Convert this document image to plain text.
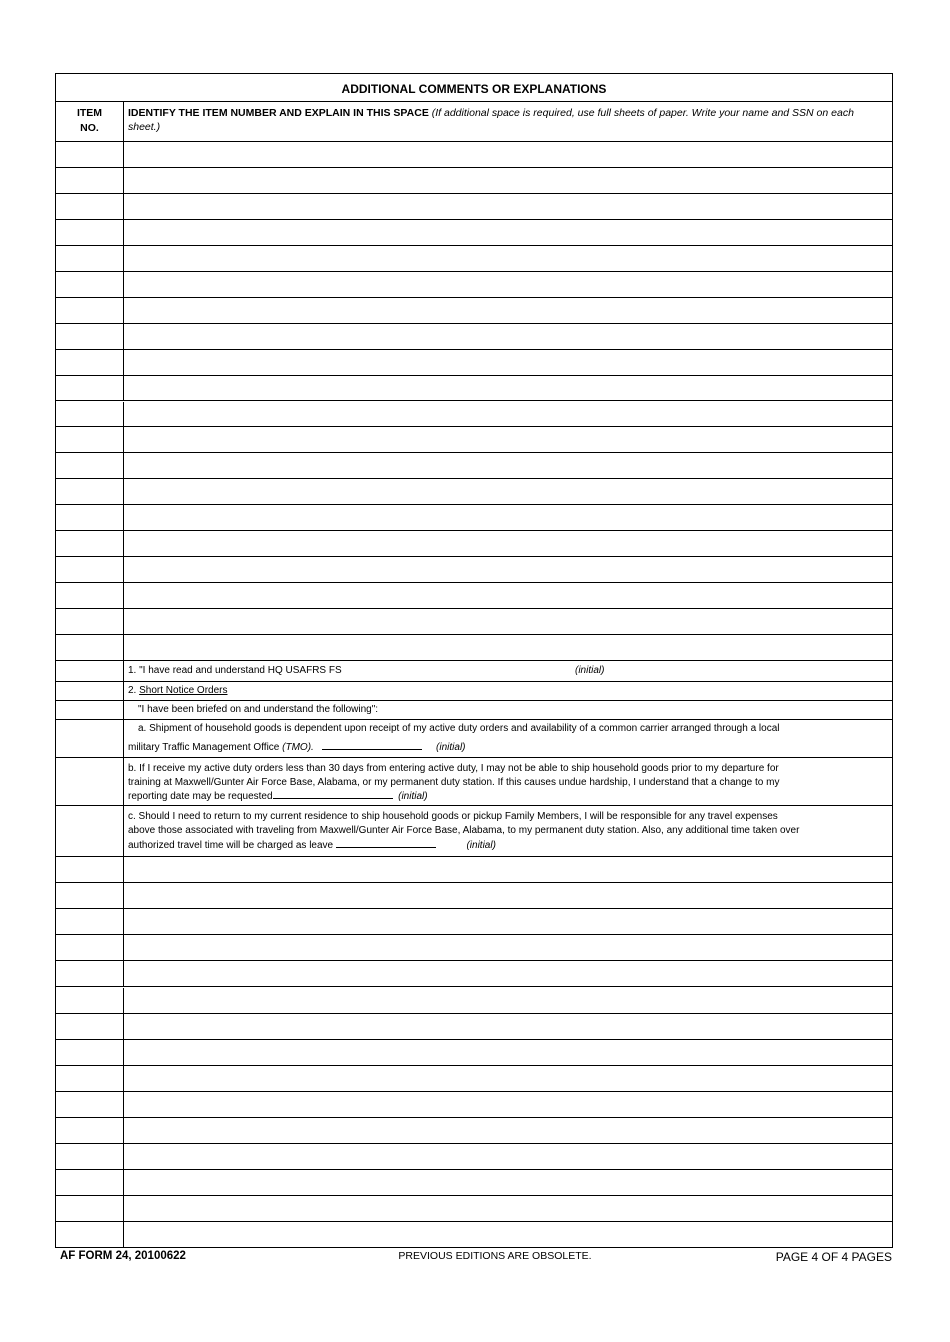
ADDITIONAL COMMENTS OR EXPLANATIONS
ITEM
NO.
IDENTIFY THE ITEM NUMBER AND EXPLAIN IN THIS SPACE (If additional space is required, use full sheets of paper. Write your name and SSN on each sheet.)
1. "I have read and understand HQ USAFRS FS	(initial)
2. Short Notice Orders
"I have been briefed on and understand the following":
a. Shipment of household goods is dependent upon receipt of my active duty orders and availability of a common carrier arranged through a local
military Traffic Management Office (TMO).	(initial)
b. If I receive my active duty orders less than 30 days from entering active duty, I may not be able to ship household goods prior to my departure for
training at Maxwell/Gunter Air Force Base, Alabama, or my permanent duty station. If this causes undue hardship, I understand that a change to my
reporting date may be requested	(initial)
c. Should I need to return to my current residence to ship household goods or pickup Family Members, I will be responsible for any travel expenses
above those associated with traveling from Maxwell/Gunter Air Force Base, Alabama, to my permanent duty station. Also, any additional time taken over
authorized travel time will be charged as leave	(initial)
AF FORM 24, 20100622	PREVIOUS EDITIONS ARE OBSOLETE.	PAGE 4 OF 4 PAGES
